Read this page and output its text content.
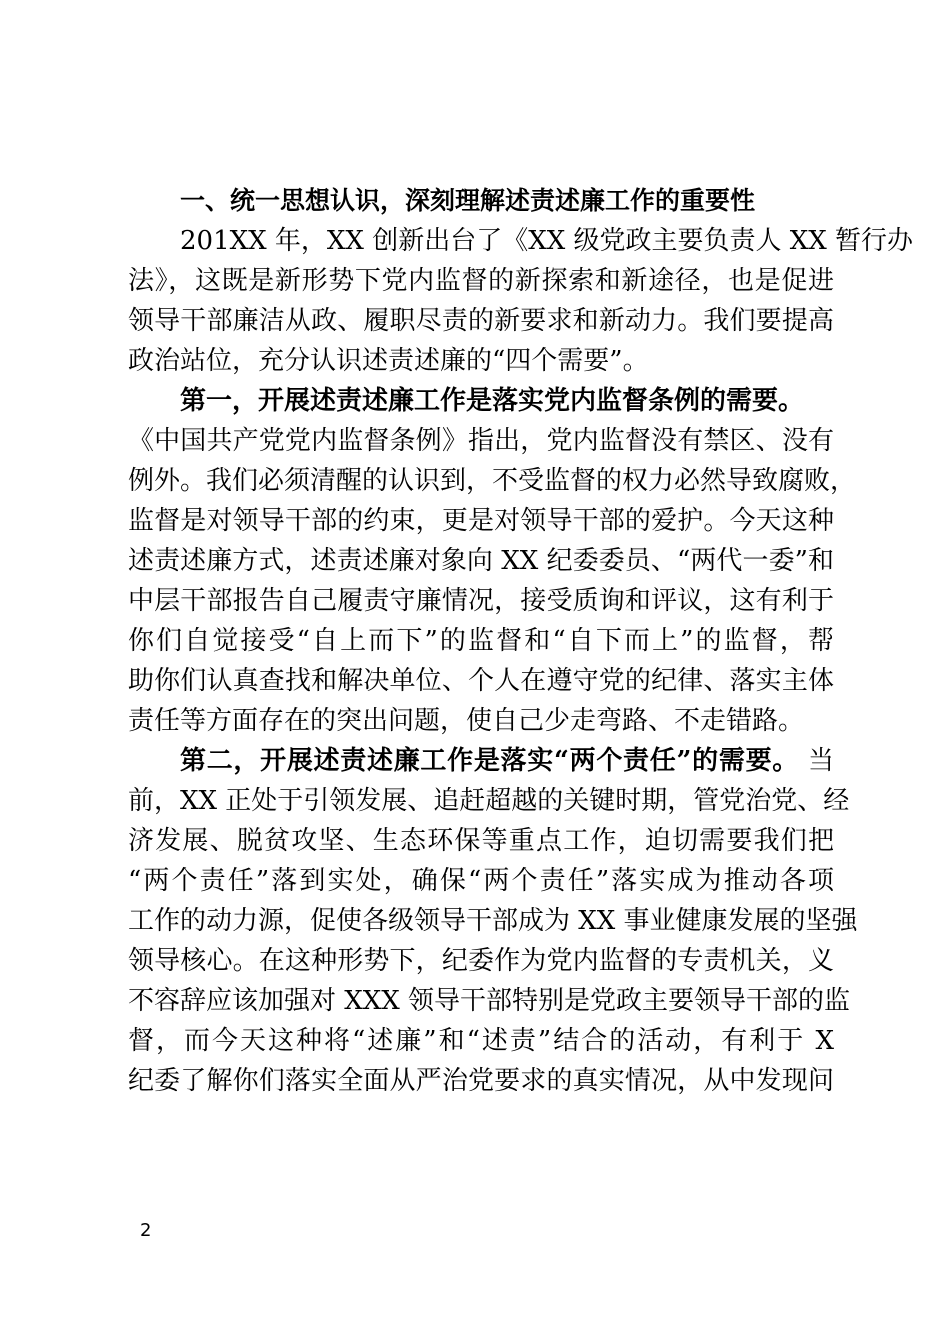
一、统一思想认识，深刻理解述责述廉工作的重要性
201XX 年，XX 创新出台了《XX 级党政主要负责人 XX 暂行办
法》，这既是新形势下党内监督的新探索和新途径，也是促进
领导干部廉洁从政、履职尽责的新要求和新动力。我们要提高
政治站位，充分认识述责述廉的“四个需要”。
第一，开展述责述廉工作是落实党内监督条例的需要。
《中国共产党党内监督条例》指出，党内监督没有禁区、没有
例外。我们必须清醒的认识到，不受监督的权力必然导致腐败，
监督是对领导干部的约束，更是对领导干部的爱护。今天这种
述责述廉方式，述责述廉对象向 XX 纪委委员、“两代一委”和
中层干部报告自己履责守廉情况，接受质询和评议，这有利于
你们自觉接受“自上而下”的监督和“自下而上”的监督，帮
助你们认真查找和解决单位、个人在遵守党的纪律、落实主体
责任等方面存在的突出问题，使自己少走弯路、不走错路。
第二，开展述责述廉工作是落实“两个责任”的需要。 当
前，XX 正处于引领发展、追赶超越的关键时期，管党治党、经
济发展、脱贫攻坚、生态环保等重点工作，迫切需要我们把
“两个责任”落到实处，确保“两个责任”落实成为推动各项
工作的动力源，促使各级领导干部成为 XX 事业健康发展的坚强
领导核心。在这种形势下，纪委作为党内监督的专责机关，义
不容辞应该加强对 XXX 领导干部特别是党政主要领导干部的监
督，而今天这种将“述廉”和“述责”结合的活动，有利于 X
纪委了解你们落实全面从严治党要求的真实情况，从中发现问
2
